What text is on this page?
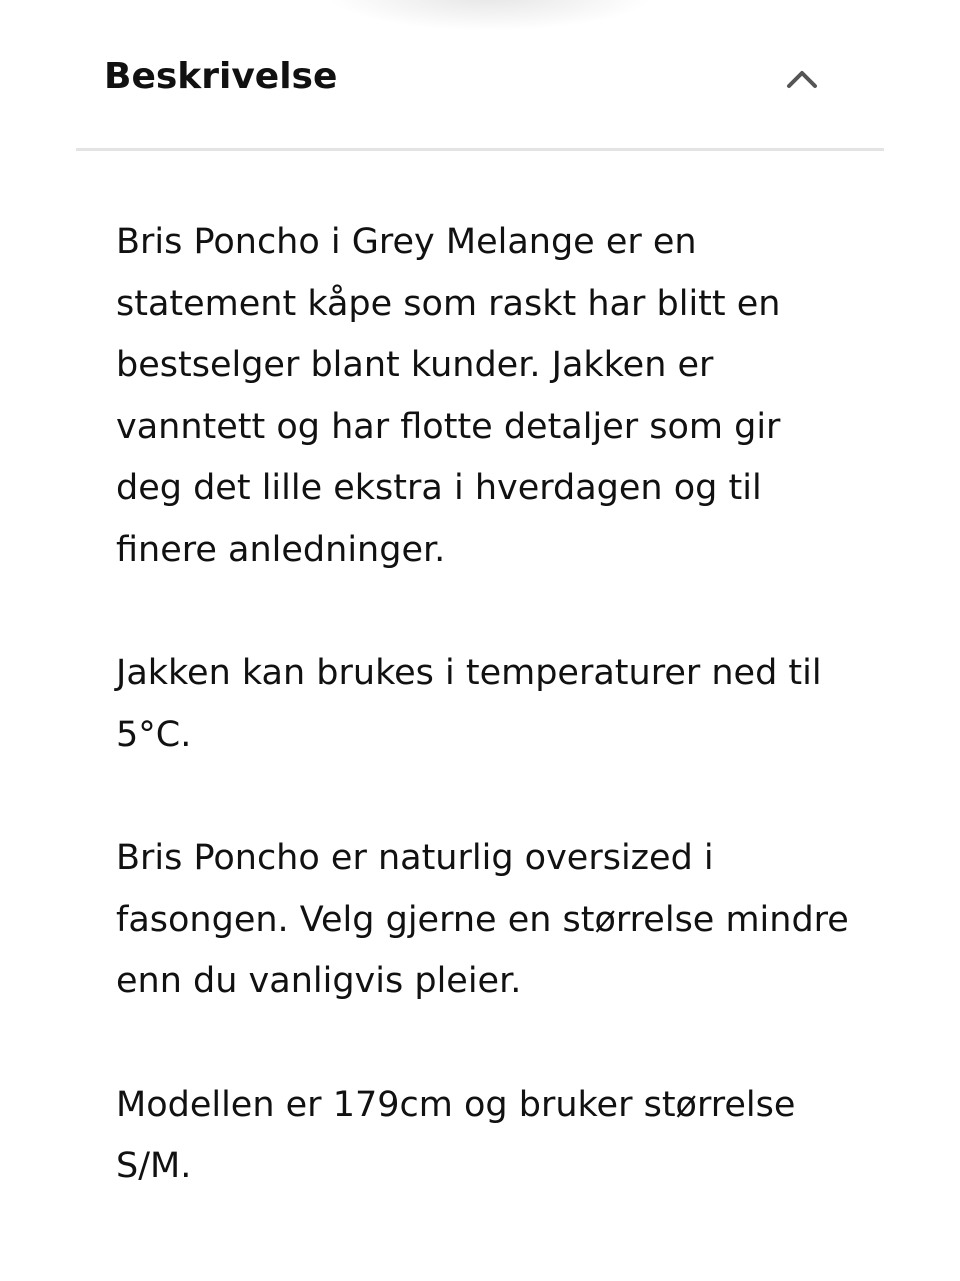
Beskrivelse

Bris Poncho i Grey Melange er en statement kåpe som raskt har blitt en bestselger blant kunder. Jakken er vanntett og har flotte detaljer som gir deg det lille ekstra i hverdagen og til finere anledninger.

Jakken kan brukes i temperaturer ned til 5°C.

Bris Poncho er naturlig oversized i fasongen. Velg gjerne en størrelse mindre enn du vanligvis pleier.

Modellen er 179cm og bruker størrelse S/M.
